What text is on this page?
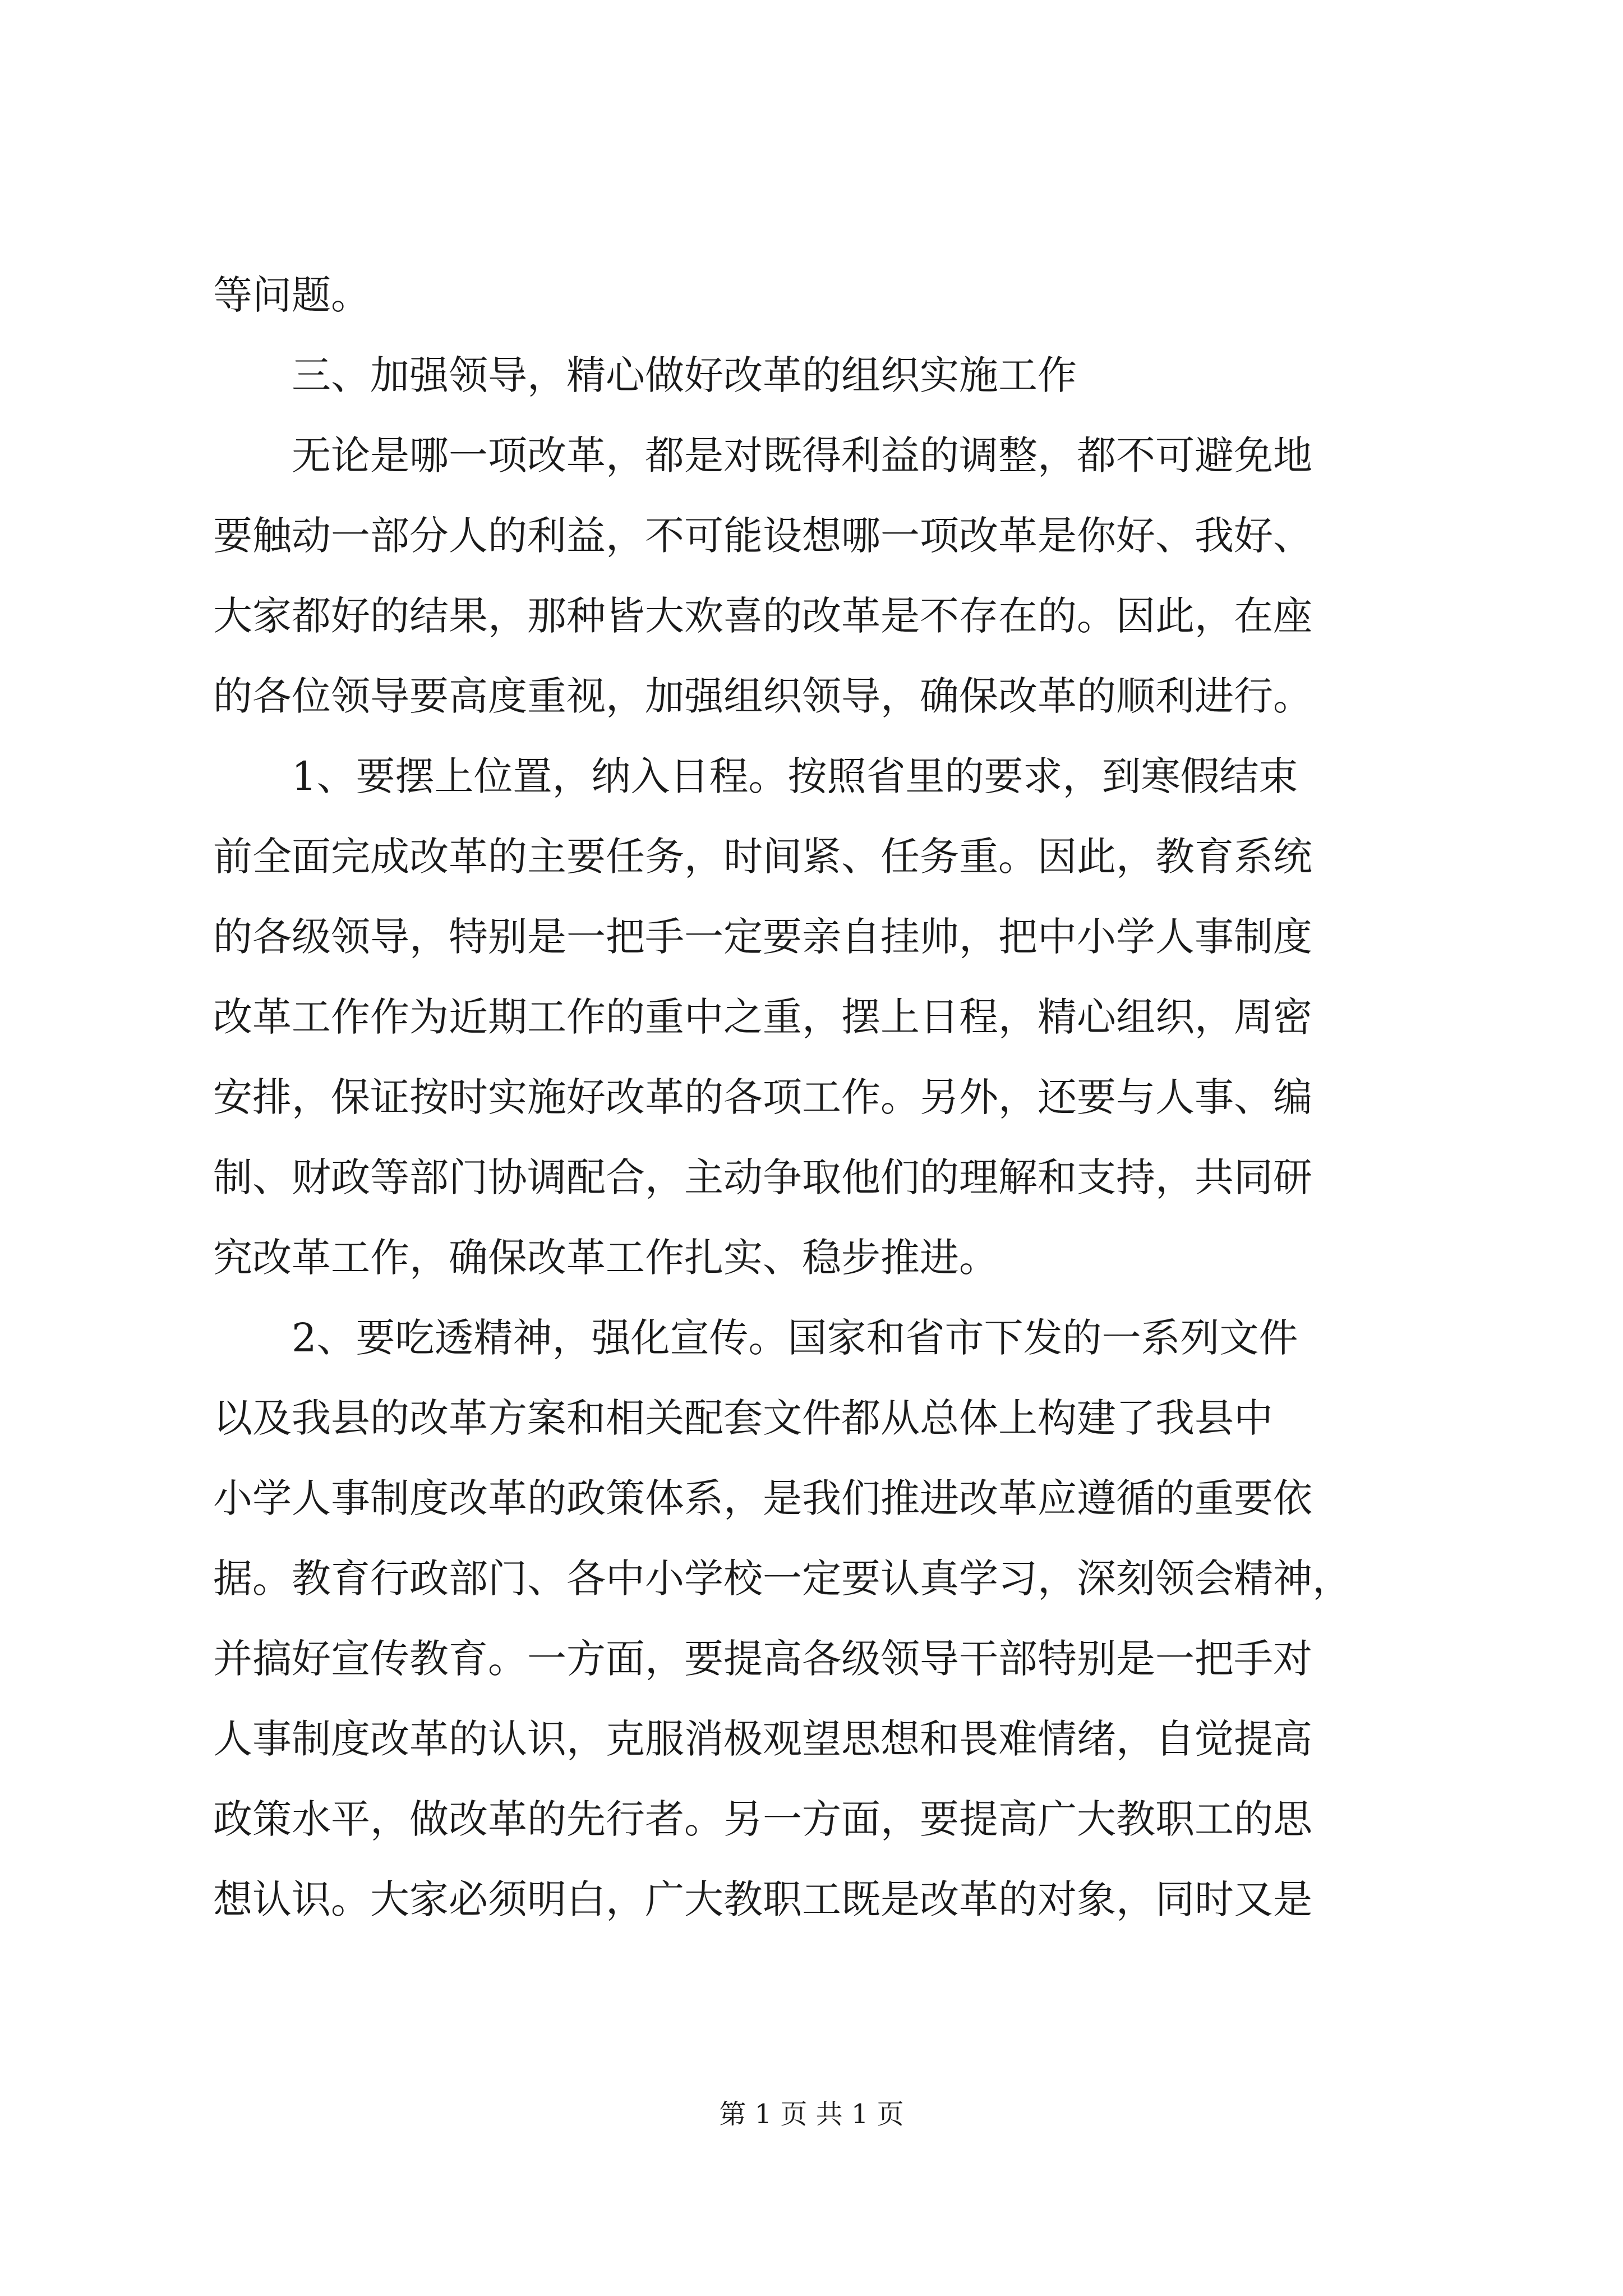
等问题。
三、加强领导，精心做好改革的组织实施工作
无论是哪一项改革，都是对既得利益的调整，都不可避免地
要触动一部分人的利益，不可能设想哪一项改革是你好、我好、
大家都好的结果，那种皆大欢喜的改革是不存在的。因此，在座
的各位领导要高度重视，加强组织领导，确保改革的顺利进行。
1、要摆上位置，纳入日程。按照省里的要求，到寒假结束
前全面完成改革的主要任务，时间紧、任务重。因此，教育系统
的各级领导，特别是一把手一定要亲自挂帅，把中小学人事制度
改革工作作为近期工作的重中之重，摆上日程，精心组织，周密
安排，保证按时实施好改革的各项工作。另外，还要与人事、编
制、财政等部门协调配合，主动争取他们的理解和支持，共同研
究改革工作，确保改革工作扎实、稳步推进。
2、要吃透精神，强化宣传。国家和省市下发的一系列文件
以及我县的改革方案和相关配套文件都从总体上构建了我县中
小学人事制度改革的政策体系，是我们推进改革应遵循的重要依
据。教育行政部门、各中小学校一定要认真学习，深刻领会精神，
并搞好宣传教育。一方面，要提高各级领导干部特别是一把手对
人事制度改革的认识，克服消极观望思想和畏难情绪，自觉提高
政策水平，做改革的先行者。另一方面，要提高广大教职工的思
想认识。大家必须明白，广大教职工既是改革的对象，同时又是
第 1 页 共 1 页
